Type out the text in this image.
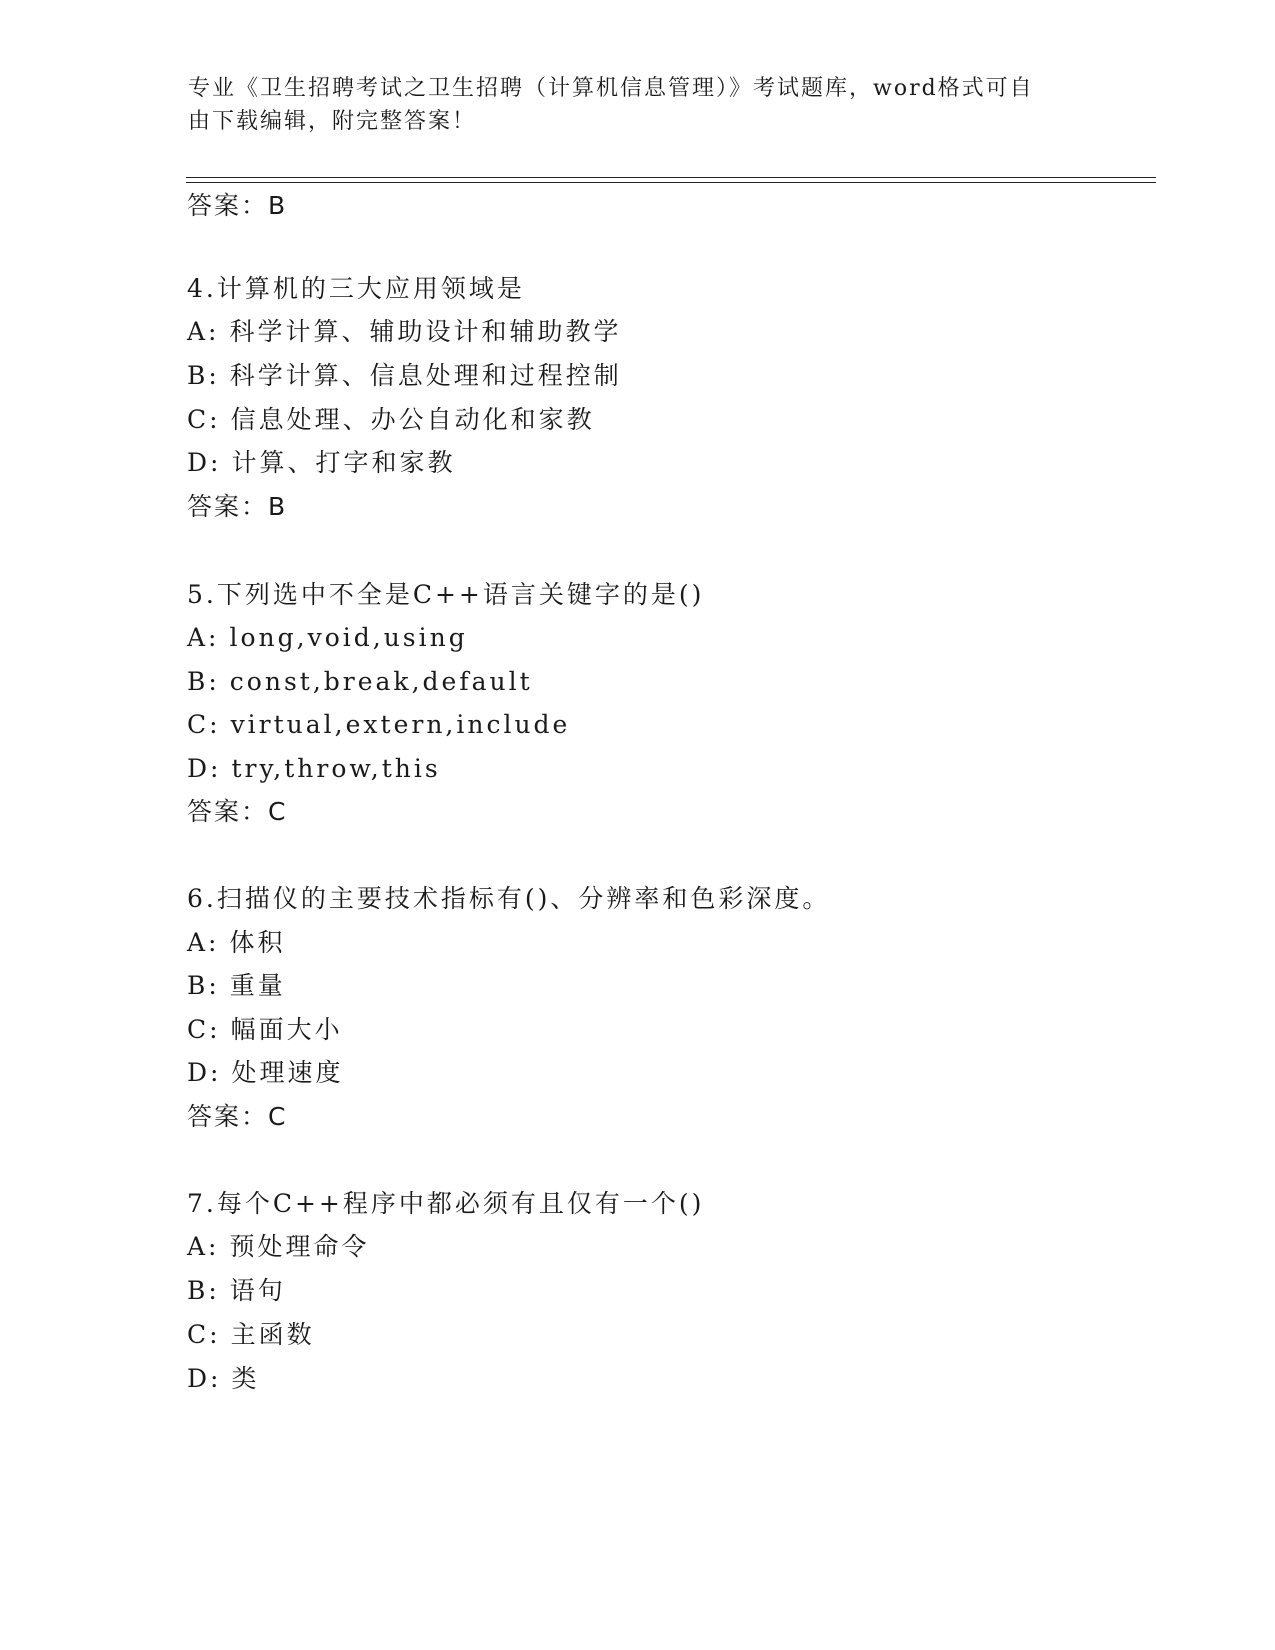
专业《卫生招聘考试之卫生招聘（计算机信息管理）》考试题库，word格式可自
由下载编辑，附完整答案！
答案：B
4.计算机的三大应用领域是
A: 科学计算、辅助设计和辅助教学
B: 科学计算、信息处理和过程控制
C: 信息处理、办公自动化和家教
D: 计算、打字和家教
答案：B
5.下列选中不全是C++语言关键字的是()
A: long,void,using
B: const,break,default
C: virtual,extern,include
D: try,throw,this
答案：C
6.扫描仪的主要技术指标有()、分辨率和色彩深度。
A: 体积
B: 重量
C: 幅面大小
D: 处理速度
答案：C
7.每个C++程序中都必须有且仅有一个()
A: 预处理命令
B: 语句
C: 主函数
D: 类
